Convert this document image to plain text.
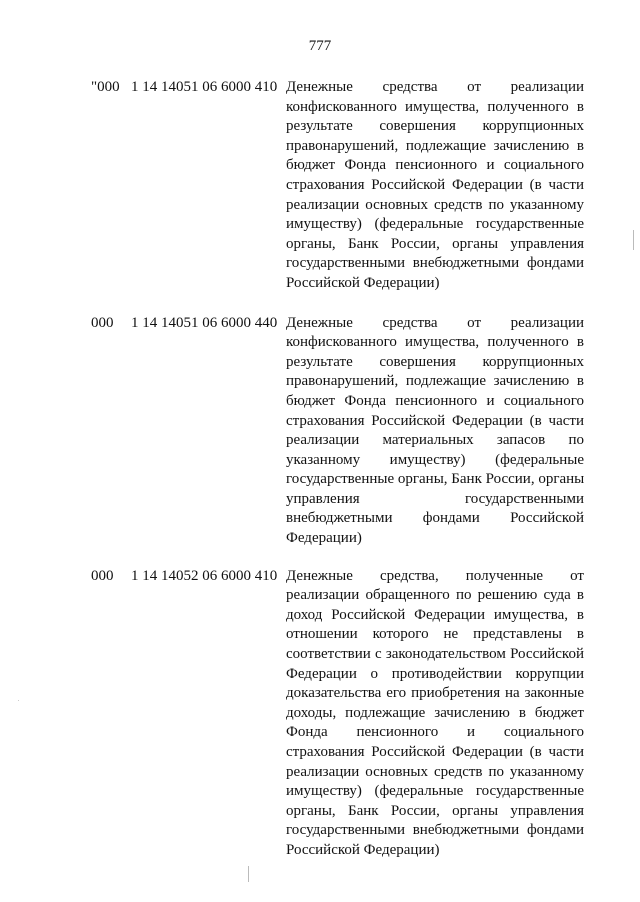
777
"000 1 14 14051 06 6000 410 Денежные средства от реализации
конфискованного имущества, полученного в
результате совершения коррупционных
правонарушений, подлежащие зачислению в
бюджет Фонда пенсионного и социального
страхования Российской Федерации (в части
реализации основных средств по указанному
имуществу) (федеральные государственные
органы, Банк России, органы управления
государственными внебюджетными фондами
Российской Федерации)
000	1 14 14051 06 6000 440 Денежные средства от реализации
конфискованного имущества, полученного в
результате совершения коррупционных
правонарушений, подлежащие зачислению в
бюджет Фонда пенсионного и социального
страхования Российской Федерации (в части
реализации материальных запасов по
указанному имуществу) (федеральные
государственные органы, Банк России, органы
управления государственными
внебюджетными фондами Российской
Федерации)
000	1 14 14052 06 6000 410 Денежные средства, полученные от
реализации обращенного по решению суда в
доход Российской Федерации имущества, в
отношении которого не представлены в
соответствии с законодательством Российской
Федерации о противодействии коррупции
доказательства его приобретения на законные
доходы, подлежащие зачислению в бюджет
Фонда пенсионного и социального
страхования Российской Федерации (в части
реализации основных средств по указанному
имуществу) (федеральные государственные
органы, Банк России, органы управления
государственными внебюджетными фондами
Российской Федерации)
